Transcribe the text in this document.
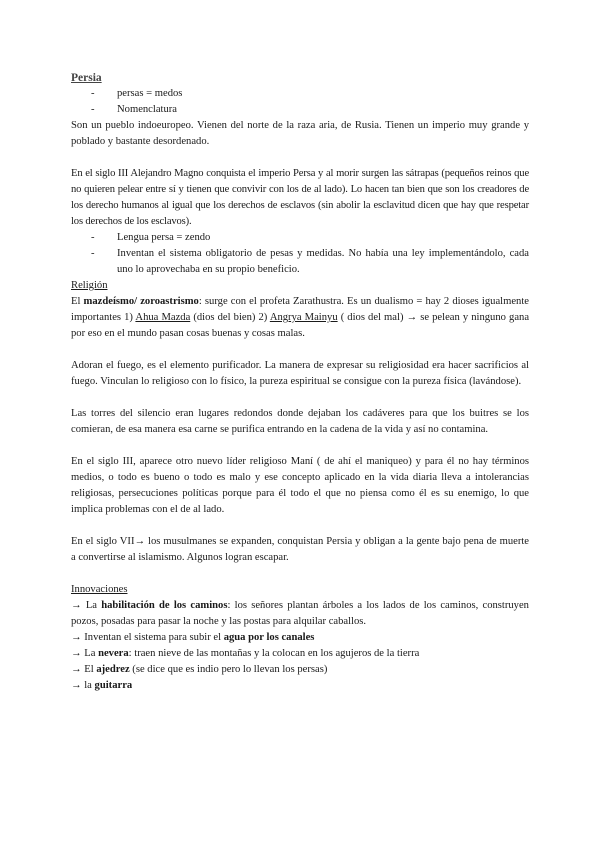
Persia
- persas = medos
- Nomenclatura

Son un pueblo indoeuropeo. Vienen del norte de la raza aria, de Rusia. Tienen un imperio muy grande y poblado y bastante desordenado.

En el siglo III Alejandro Magno conquista el imperio Persa y al morir surgen las sátrapas (pequeños reinos que no quieren pelear entre sí y tienen que convivir con los de al lado). Lo hacen tan bien que son los creadores de los derecho humanos al igual que los derechos de esclavos (sin abolir la esclavitud dicen que hay que respetar los derechos de los esclavos).

- Lengua persa = zendo
- Inventan el sistema obligatorio de pesas y medidas. No había una ley implementándolo, cada uno lo aprovechaba en su propio beneficio.
Religión

El mazdeísmo/ zoroastrismo: surge con el profeta Zarathustra. Es un dualismo = hay 2 dioses igualmente importantes 1) Ahua Mazda (dios del bien) 2) Angrya Mainyu ( dios del mal) → se pelean y ninguno gana por eso en el mundo pasan cosas buenas y cosas malas.

Adoran el fuego, es el elemento purificador. La manera de expresar su religiosidad era hacer sacrificios al fuego. Vinculan lo religioso con lo físico, la pureza espiritual se consigue con la pureza física (lavándose).

Las torres del silencio eran lugares redondos donde dejaban los cadáveres para que los buitres se los comieran, de esa manera esa carne se purifica entrando en la cadena de la vida y así no contamina.

En el siglo III, aparece otro nuevo líder religioso Maní ( de ahí el maniqueo) y para él no hay términos medios, o todo es bueno o todo es malo y ese concepto aplicado en la vida diaria lleva a intolerancias religiosas, persecuciones políticas porque para él todo el que no piensa como él es su enemigo, lo que implica problemas con el de al lado.

En el siglo VII→ los musulmanes se expanden, conquistan Persia y obligan a la gente bajo pena de muerte a convertirse al islamismo. Algunos logran escapar.

Innovaciones

→ La habilitación de los caminos: los señores plantan árboles a los lados de los caminos, construyen pozos, posadas para pasar la noche y las postas para alquilar caballos.

→ Inventan el sistema para subir el agua por los canales

→ La nevera: traen nieve de las montañas y la colocan en los agujeros de la tierra

→ El ajedrez (se dice que es indio pero lo llevan los persas)

→ la guitarra
